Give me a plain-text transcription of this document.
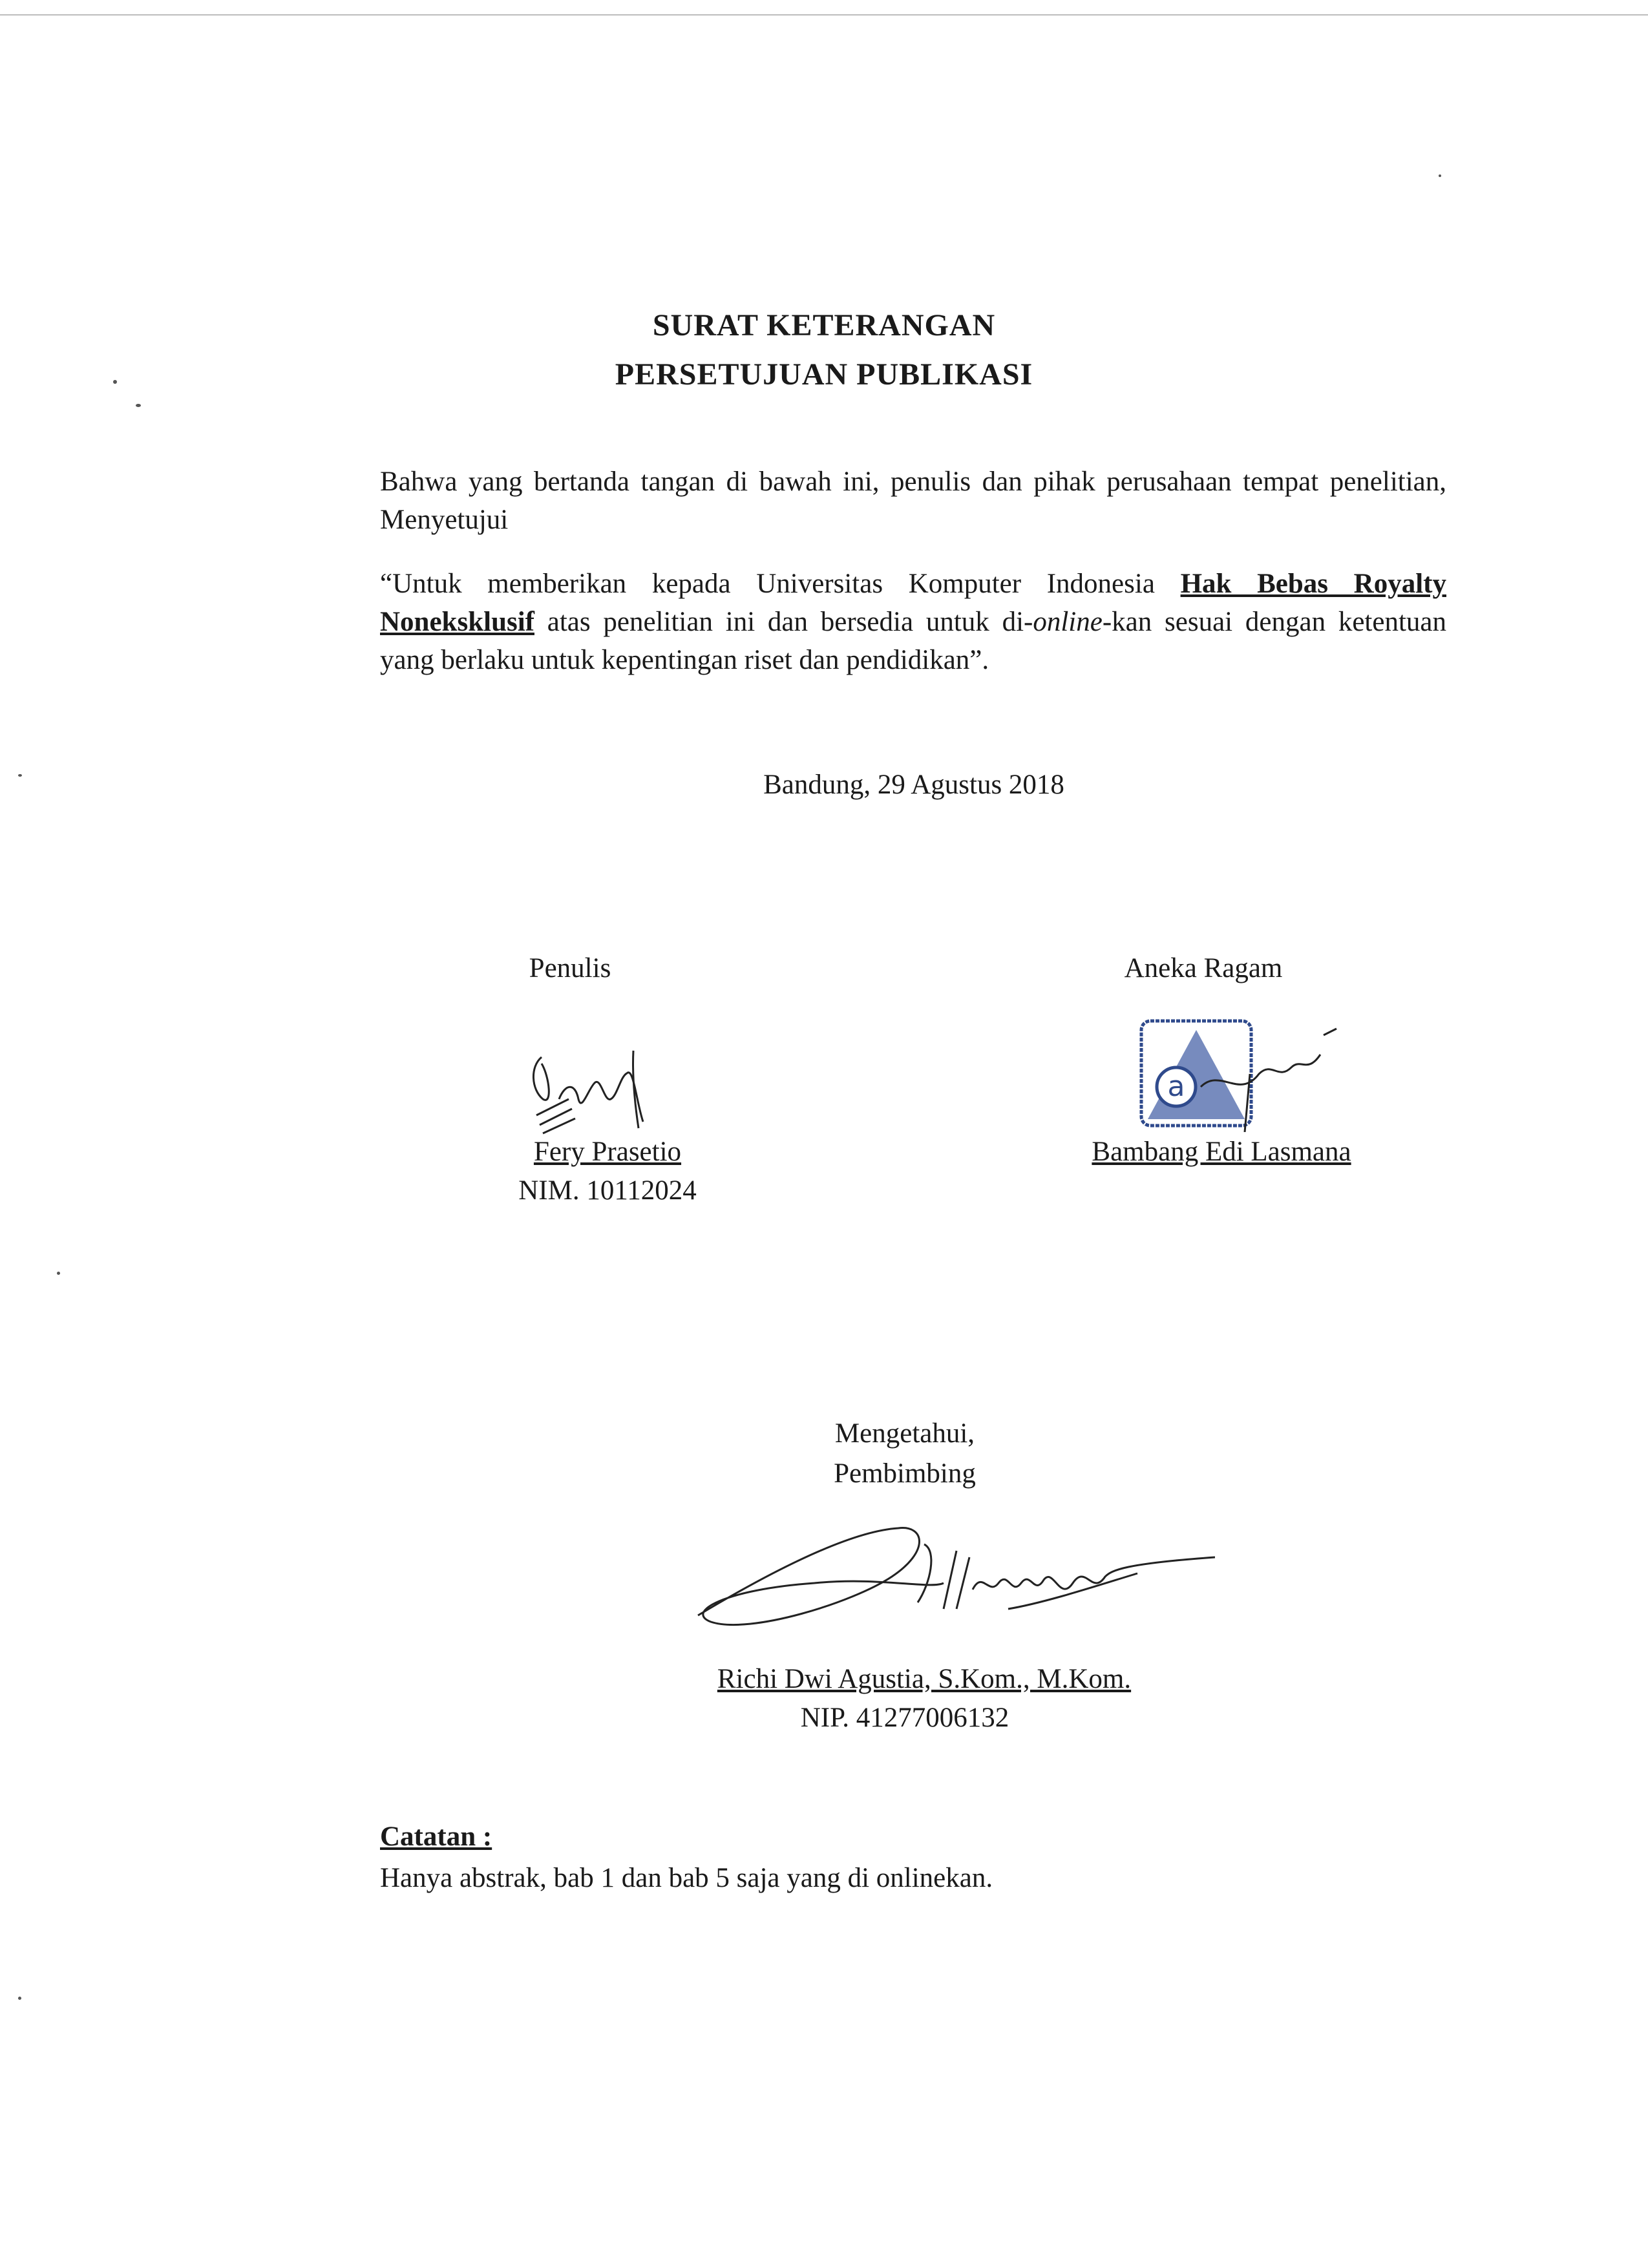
SURAT KETERANGAN
PERSETUJUAN PUBLIKASI

Bahwa yang bertanda tangan di bawah ini, penulis dan pihak perusahaan tempat penelitian, Menyetujui

“Untuk memberikan kepada Universitas Komputer Indonesia Hak Bebas Royalty Noneksklusif atas penelitian ini dan bersedia untuk di-online-kan sesuai dengan ketentuan yang berlaku untuk kepentingan riset dan pendidikan”.

Bandung, 29 Agustus 2018
Penulis	Aneka Ragam
a
Fery Prasetio
NIM. 10112024
Bambang Edi Lasmana
Mengetahui,
Pembimbing
Richi Dwi Agustia, S.Kom., M.Kom.
NIP. 41277006132
Catatan :
Hanya abstrak, bab 1 dan bab 5 saja yang di onlinekan.
